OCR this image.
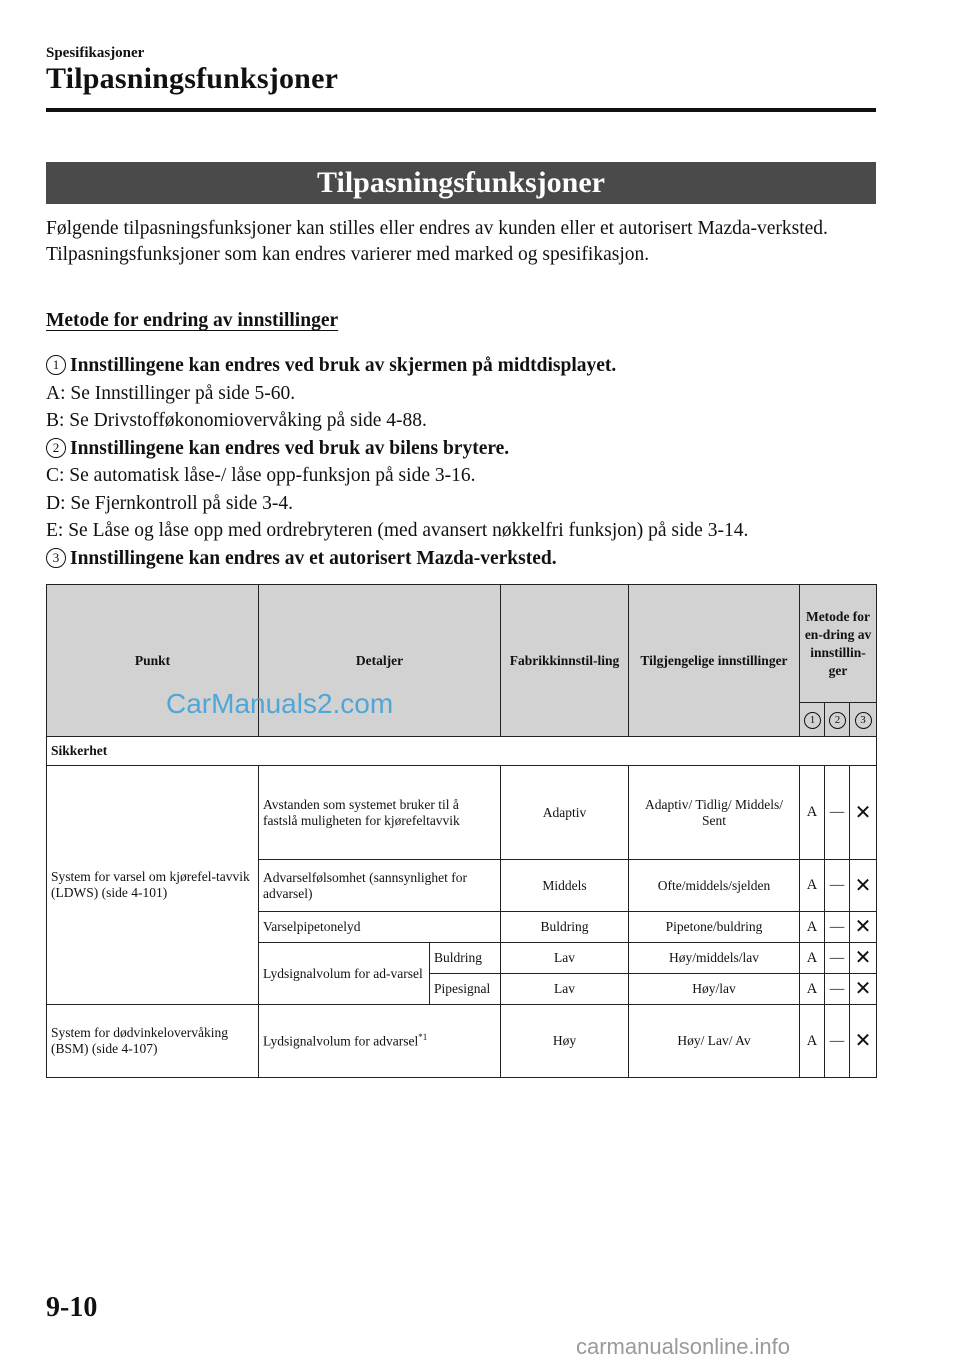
Spesifikasjoner
Tilpasningsfunksjoner
Tilpasningsfunksjoner

Følgende tilpasningsfunksjoner kan stilles eller endres av kunden eller et autorisert Mazda-verksted.

Tilpasningsfunksjoner som kan endres varierer med marked og spesifikasjon.

Metode for endring av innstillinger
1 Innstillingene kan endres ved bruk av skjermen på midtdisplayet.
A: Se Innstillinger på side 5-60.
B: Se Drivstofføkonomiovervåking på side 4-88.
2 Innstillingene kan endres ved bruk av bilens brytere.
C: Se automatisk låse-/ låse opp-funksjon på side 3-16.
D: Se Fjernkontroll på side 3-4.
E: Se Låse og låse opp med ordrebryteren (med avansert nøkkelfri funksjon) på side 3-14.
3 Innstillingene kan endres av et autorisert Mazda-verksted.
Punkt	Detaljer		Fabrikkinnstil-ling	Tilgjengelige innstillinger	Metode for en-dring av innstillin-ger		
					1	2	3
Sikkerhet							
System for varsel om kjørefel-tavvik (LDWS) (side 4-101)	Avstanden som systemet bruker til å fastslå muligheten for kjørefeltavvik		Adaptiv	Adaptiv/ Tidlig/ Middels/ Sent	A	—	✕
	Advarselfølsomhet (sannsynlighet for advarsel)		Middels	Ofte/middels/sjelden	A	—	✕
	Varselpipetonelyd		Buldring	Pipetone/buldring	A	—	✕
	Lydsignalvolum for ad-varsel	Buldring	Lav	Høy/middels/lav	A	—	✕
		Pipesignal	Lav	Høy/lav	A	—	✕
System for dødvinkelovervåking (BSM) (side 4-107)	Lydsignalvolum for advarsel$^{*1}$		Høy	Høy/ Lav/ Av	A	—	✕
CarManuals2.com
9-10
carmanualsonline.info
